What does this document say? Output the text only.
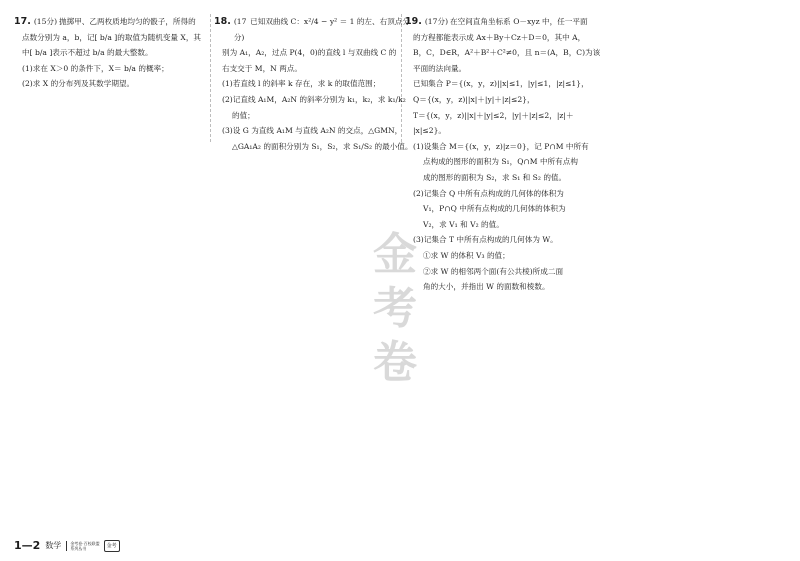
17. (15分) 抛掷甲、乙两枚质地均匀的骰子，所得的
点数分别为 a，b，记[ b/a ]的取值为随机变量 X，其
中[ b/a ]表示不超过 b/a 的最大整数。
(1)求在 X＞0 的条件下，X＝ b/a 的概率；
(2)求 X 的分布列及其数学期望。
18. (17分)
已知双曲线 C：x²/4 − y² ＝ 1 的左、右顶点分
别为 A₁，A₂，过点 P(4，0)的直线 l 与双曲线 C 的
右支交于 M，N 两点。
(1)若直线 l 的斜率 k 存在，求 k 的取值范围；
(2)记直线 A₁M，A₂N 的斜率分别为 k₁，k₂，求 k₁/k₂
的值；
(3)设 G 为直线 A₁M 与直线 A₂N 的交点，△GMN，
△GA₁A₂ 的面积分别为 S₁，S₂，求 S₁/S₂ 的最小值。
19. (17分) 在空间直角坐标系 O－xyz 中，任一平面
的方程都能表示成 Ax＋By＋Cz＋D＝0，其中 A，
B，C，D∈R，A²＋B²＋C²≠0，且 n＝(A，B，C)为该
平面的法向量。
已知集合 P＝{(x，y，z)||x|≤1，|y|≤1，|z|≤1}，
Q＝{(x，y，z)||x|＋|y|＋|z|≤2}，
T＝{(x，y，z)||x|＋|y|≤2，|y|＋|z|≤2，|z|＋
|x|≤2}。
(1)设集合 M＝{(x，y，z)|z＝0}，记 P∩M 中所有
点构成的图形的面积为 S₁，Q∩M 中所有点构
成的图形的面积为 S₂，求 S₁ 和 S₂ 的值。
(2)记集合 Q 中所有点构成的几何体的体积为
V₁，P∩Q 中所有点构成的几何体的体积为
V₂，求 V₁ 和 V₂ 的值。
(3)记集合 T 中所有点构成的几何体为 W。
①求 W 的体积 V₃ 的值；
②求 W 的相邻两个面(有公共棱)所成二面
角的大小，并指出 W 的面数和棱数。
金
考
卷
1—2 数学 金考卷·百校联盟
系列丛书	金考
